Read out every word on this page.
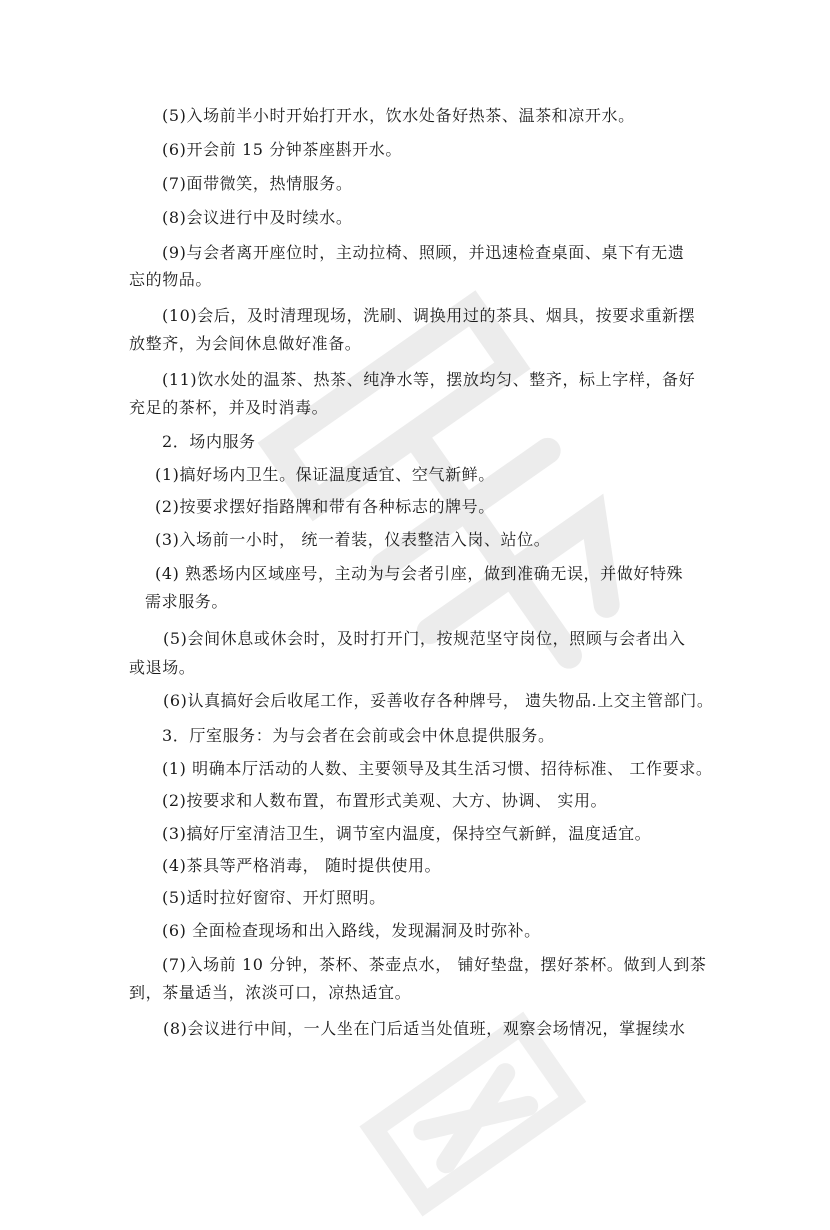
(5)入场前半小时开始打开水，饮水处备好热茶、温茶和凉开水。
(6)开会前 15 分钟茶座斟开水。
(7)面带微笑，热情服务。
(8)会议进行中及时续水。
(9)与会者离开座位时，主动拉椅、照顾，并迅速检查桌面、桌下有无遗
忘的物品。
(10)会后，及时清理现场，洗刷、调换用过的茶具、烟具，按要求重新摆
放整齐，为会间休息做好准备。
(11)饮水处的温茶、热茶、纯净水等，摆放均匀、整齐，标上字样，备好
充足的茶杯，并及时消毒。
2．场内服务
(1)搞好场内卫生。保证温度适宜、空气新鲜。
(2)按要求摆好指路牌和带有各种标志的牌号。
(3)入场前一小时， 统一着装，仪表整洁入岗、站位。
(4) 熟悉场内区域座号，主动为与会者引座，做到准确无误，并做好特殊
需求服务。
(5)会间休息或休会时，及时打开门，按规范坚守岗位，照顾与会者出入
或退场。
(6)认真搞好会后收尾工作，妥善收存各种牌号， 遗失物品.上交主管部门。
3．厅室服务：为与会者在会前或会中休息提供服务。
(1) 明确本厅活动的人数、主要领导及其生活习惯、招待标准、 工作要求。
(2)按要求和人数布置，布置形式美观、大方、协调、 实用。
(3)搞好厅室清洁卫生，调节室内温度，保持空气新鲜，温度适宜。
(4)茶具等严格消毒， 随时提供使用。
(5)适时拉好窗帘、开灯照明。
(6) 全面检查现场和出入路线，发现漏洞及时弥补。
(7)入场前 10 分钟，茶杯、茶壶点水， 铺好垫盘，摆好茶杯。做到人到茶
到，茶量适当，浓淡可口，凉热适宜。
(8)会议进行中间，一人坐在门后适当处值班，观察会场情况，掌握续水
